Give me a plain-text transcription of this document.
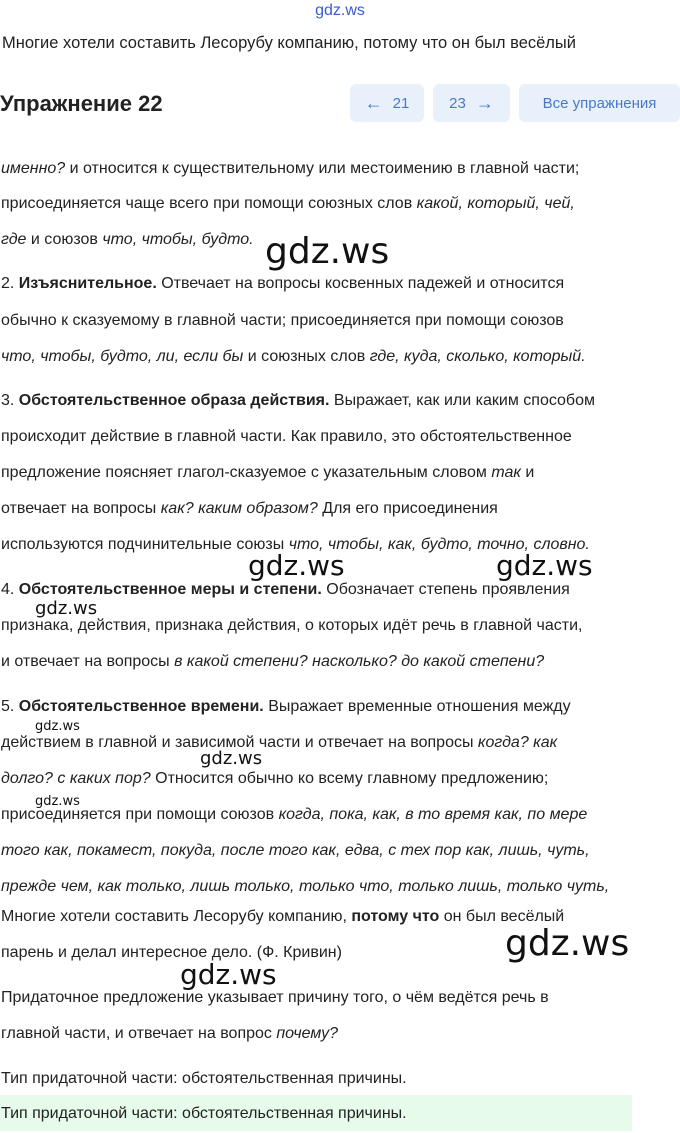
gdz.ws
Многие хотели составить Лесорубу компанию, потому что он был весёлый
Упражнение 22	← 21	23 →	Все упражнения

именно? и относится к существительному или местоимению в главной части;

присоединяется чаще всего при помощи союзных слов какой, который, чей,

где и союзов что, чтобы, будто.

2. Изъяснительное. Отвечает на вопросы косвенных падежей и относится

обычно к сказуемому в главной части; присоединяется при помощи союзов

что, чтобы, будто, ли, если бы и союзных слов где, куда, сколько, который.

3. Обстоятельственное образа действия. Выражает, как или каким способом

происходит действие в главной части. Как правило, это обстоятельственное

предложение поясняет глагол-сказуемое с указательным словом так и

отвечает на вопросы как? каким образом? Для его присоединения

используются подчинительные союзы что, чтобы, как, будто, точно, словно.

4. Обстоятельственное меры и степени. Обозначает степень проявления

признака, действия, признака действия, о которых идёт речь в главной части,

и отвечает на вопросы в какой степени? насколько? до какой степени?

5. Обстоятельственное времени. Выражает временные отношения между

действием в главной и зависимой части и отвечает на вопросы когда? как

долго? с каких пор? Относится обычно ко всему главному предложению;

присоединяется при помощи союзов когда, пока, как, в то время как, по мере

того как, покамест, покуда, после того как, едва, с тех пор как, лишь, чуть,

прежде чем, как только, лишь только, только что, только лишь, только чуть,

Многие хотели составить Лесорубу компанию, потому что он был весёлый

парень и делал интересное дело. (Ф. Кривин)

Придаточное предложение указывает причину того, о чём ведётся речь в

главной части, и отвечает на вопрос почему?

Тип придаточной части: обстоятельственная причины.

Тип придаточной части: обстоятельственная причины.

gdz.ws
gdz.ws	gdz.ws
gdz.ws
gdz.ws
gdz.ws
gdz.ws
gdz.ws
gdz.ws
